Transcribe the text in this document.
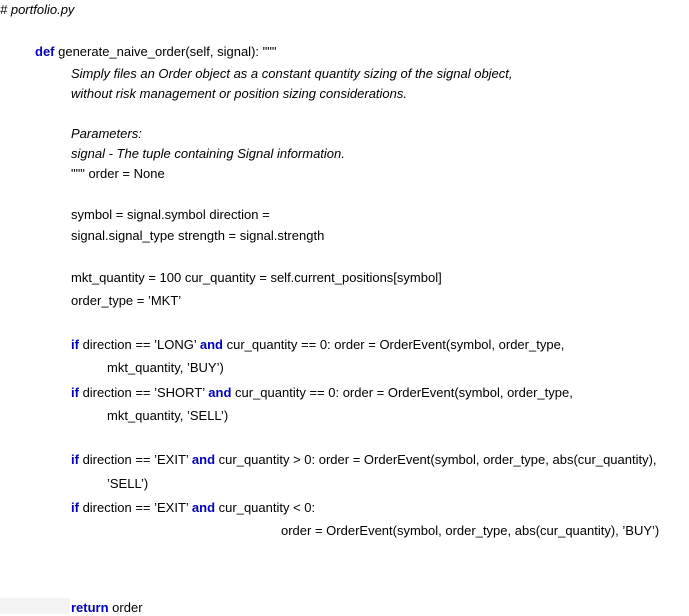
# portfolio.py
def generate_naive_order(self, signal): """
Simply files an Order object as a constant quantity sizing of the signal object,
without risk management or position sizing considerations.
Parameters:
signal - The tuple containing Signal information.
""" order = None
symbol = signal.symbol direction =
signal.signal_type strength = signal.strength
mkt_quantity = 100 cur_quantity = self.current_positions[symbol]
order_type = ’MKT’
if direction == ’LONG’ and cur_quantity == 0: order = OrderEvent(symbol, order_type,
mkt_quantity, ’BUY’)
if direction == ’SHORT’ and cur_quantity == 0: order = OrderEvent(symbol, order_type,
mkt_quantity, ’SELL’)
if direction == ’EXIT’ and cur_quantity > 0: order = OrderEvent(symbol, order_type, abs(cur_quantity),
’SELL’)
if direction == ’EXIT’ and cur_quantity < 0:
order = OrderEvent(symbol, order_type, abs(cur_quantity), ’BUY’)
return order
